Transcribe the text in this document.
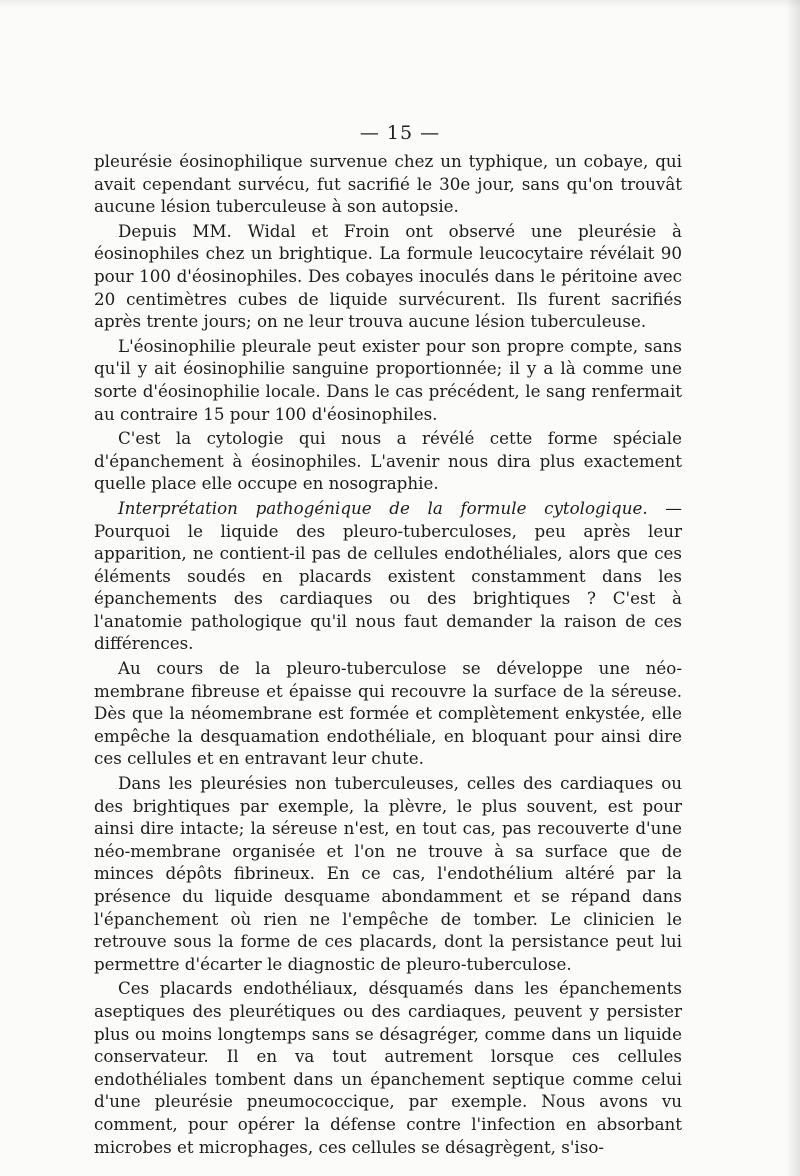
— 15 —

pleurésie éosinophilique survenue chez un typhique, un cobaye, qui avait cependant survécu, fut sacrifié le 30e jour, sans qu'on trouvât aucune lésion tuberculeuse à son autopsie.

Depuis MM. Widal et Froin ont observé une pleurésie à éosinophiles chez un brightique. La formule leucocytaire révélait 90 pour 100 d'éosinophiles. Des cobayes inoculés dans le péritoine avec 20 centimètres cubes de liquide survécurent. Ils furent sacrifiés après trente jours; on ne leur trouva aucune lésion tuberculeuse.

L'éosinophilie pleurale peut exister pour son propre compte, sans qu'il y ait éosinophilie sanguine proportionnée; il y a là comme une sorte d'éosinophilie locale. Dans le cas précédent, le sang renfermait au contraire 15 pour 100 d'éosinophiles.

C'est la cytologie qui nous a révélé cette forme spéciale d'épanchement à éosinophiles. L'avenir nous dira plus exactement quelle place elle occupe en nosographie.

Interprétation pathogénique de la formule cytologique. — Pourquoi le liquide des pleuro-tuberculoses, peu après leur apparition, ne contient-il pas de cellules endothéliales, alors que ces éléments soudés en placards existent constamment dans les épanchements des cardiaques ou des brightiques ? C'est à l'anatomie pathologique qu'il nous faut demander la raison de ces différences.

Au cours de la pleuro-tuberculose se développe une néo-membrane fibreuse et épaisse qui recouvre la surface de la séreuse. Dès que la néomembrane est formée et complètement enkystée, elle empêche la desquamation endothéliale, en bloquant pour ainsi dire ces cellules et en entravant leur chute.

Dans les pleurésies non tuberculeuses, celles des cardiaques ou des brightiques par exemple, la plèvre, le plus souvent, est pour ainsi dire intacte; la séreuse n'est, en tout cas, pas recouverte d'une néo-membrane organisée et l'on ne trouve à sa surface que de minces dépôts fibrineux. En ce cas, l'endothélium altéré par la présence du liquide desquame abondamment et se répand dans l'épanchement où rien ne l'empêche de tomber. Le clinicien le retrouve sous la forme de ces placards, dont la persistance peut lui permettre d'écarter le diagnostic de pleuro-tuberculose.

Ces placards endothéliaux, désquamés dans les épanchements aseptiques des pleurétiques ou des cardiaques, peuvent y persister plus ou moins longtemps sans se désagréger, comme dans un liquide conservateur. Il en va tout autrement lorsque ces cellules endothéliales tombent dans un épanchement septique comme celui d'une pleurésie pneumococcique, par exemple. Nous avons vu comment, pour opérer la défense contre l'infection en absorbant microbes et microphages, ces cellules se désagrègent, s'iso-
